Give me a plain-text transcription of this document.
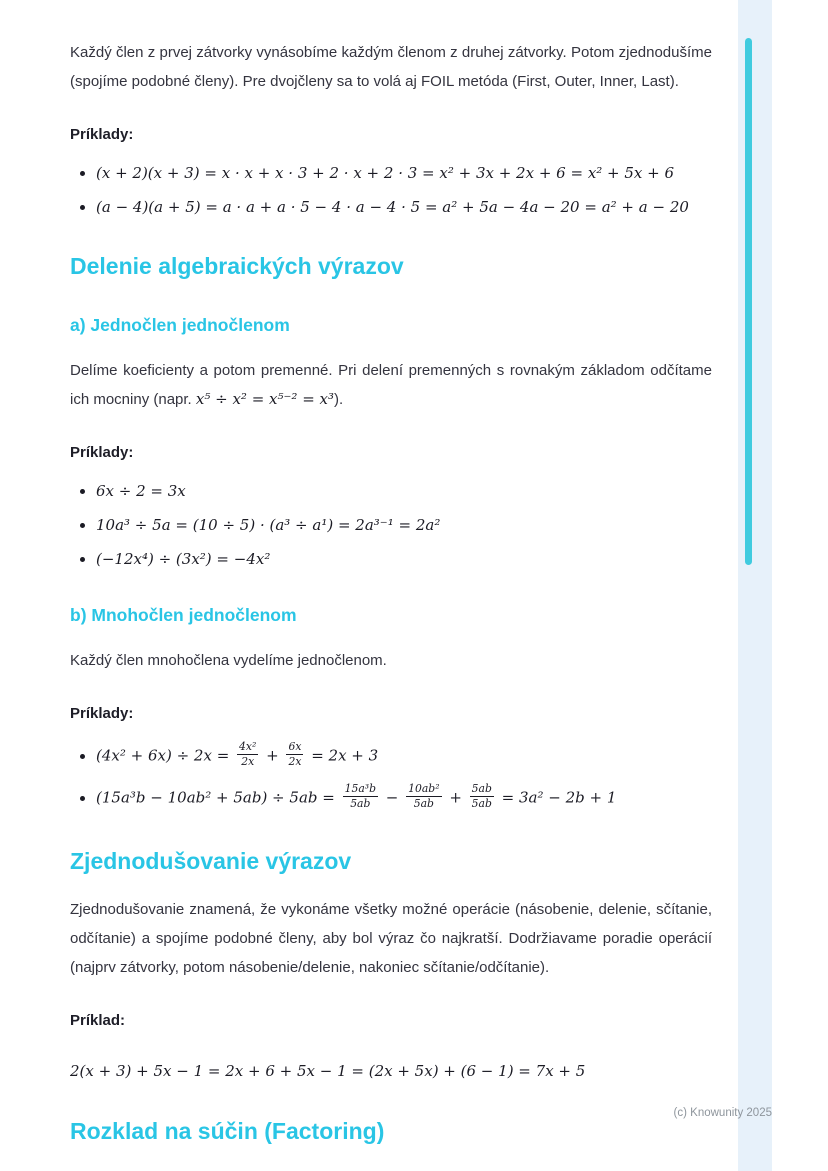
Každý člen z prvej zátvorky vynásobíme každým členom z druhej zátvorky. Potom zjednodušíme (spojíme podobné členy). Pre dvojčleny sa to volá aj FOIL metóda (First, Outer, Inner, Last).

Príklady:

• (x + 2)(x + 3) = x · x + x · 3 + 2 · x + 2 · 3 = x² + 3x + 2x + 6 = x² + 5x + 6
• (a − 4)(a + 5) = a · a + a · 5 − 4 · a − 4 · 5 = a² + 5a − 4a − 20 = a² + a − 20
Delenie algebraických výrazov
a) Jednočlen jednočlenom

Delíme koeficienty a potom premenné. Pri delení premenných s rovnakým základom odčítame ich mocniny (napr. x⁵ ÷ x² = x⁵⁻² = x³).

Príklady:

• 6x ÷ 2 = 3x
• 10a³ ÷ 5a = (10 ÷ 5) · (a³ ÷ a¹) = 2a³⁻¹ = 2a²
• (−12x⁴) ÷ (3x²) = −4x²
b) Mnohočlen jednočlenom

Každý člen mnohočlena vydelíme jednočlenom.

Príklady:

• $(4x^2 + 6x) \div 2x = \frac{\text{4x²}}{2x} + \frac{6x}{2x} = 2x + 3$
• $(15a^3b - 10ab^2 + 5ab) \div 5ab = \frac{\text{15a³b}}{5ab} - \frac{\text{10ab²}}{5ab} + \frac{5ab}{5ab} = 3a^2 - 2b + 1$
Zjednodušovanie výrazov

Zjednodušovanie znamená, že vykonáme všetky možné operácie (násobenie, delenie, sčítanie, odčítanie) a spojíme podobné členy, aby bol výraz čo najkratší. Dodržiavame poradie operácií (najprv zátvorky, potom násobenie/delenie, nakoniec sčítanie/odčítanie).

Príklad:

2(x + 3) + 5x − 1 = 2x + 6 + 5x − 1 = (2x + 5x) + (6 − 1) = 7x + 5

Rozklad na súčin (Factoring)
(c) Knowunity 2025
